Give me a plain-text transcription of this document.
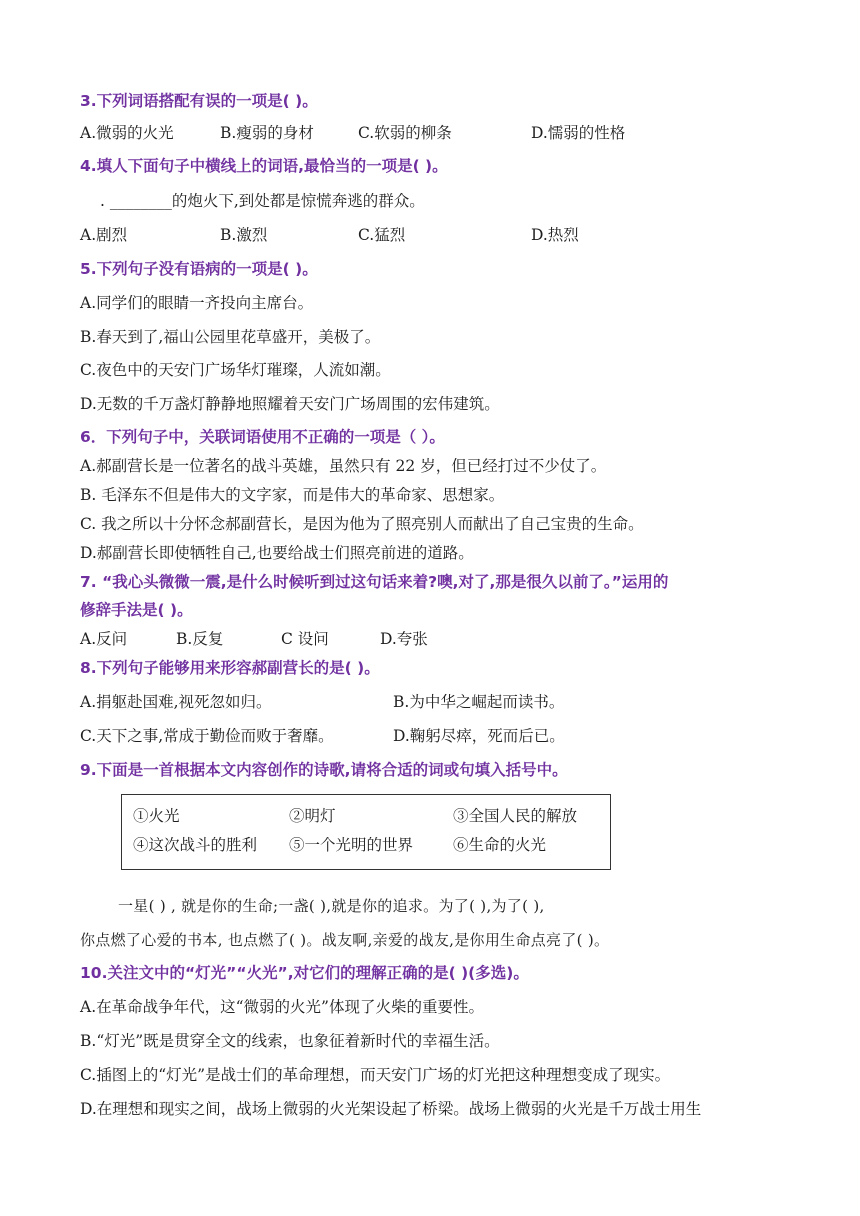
3.下列词语搭配有误的一项是( )。
A.微弱的火光	B.瘦弱的身材	C.软弱的柳条	D.懦弱的性格
4.填人下面句子中横线上的词语,最恰当的一项是( )。
. ________的炮火下,到处都是惊慌奔逃的群众。
A.剧烈	B.激烈	C.猛烈	D.热烈
5.下列句子没有语病的一项是( )。
A.同学们的眼睛一齐投向主席台。
B.春天到了,福山公园里花草盛开，美极了。
C.夜色中的天安门广场华灯璀璨，人流如潮。
D.无数的千万盏灯静静地照耀着天安门广场周围的宏伟建筑。
6．下列句子中，关联词语使用不正确的一项是（ ）。
A.郝副营长是一位著名的战斗英雄，虽然只有 22 岁，但已经打过不少仗了。
B. 毛泽东不但是伟大的文字家，而是伟大的革命家、思想家。
C. 我之所以十分怀念郝副营长，是因为他为了照亮别人而献出了自己宝贵的生命。
D.郝副营长即使牺牲自己,也要给战士们照亮前进的道路。
7. “我心头微微一震,是什么时候听到过这句话来着?噢,对了,那是很久以前了。”运用的
修辞手法是( )。
A.反问	B.反复	C 设问	D.夸张
8.下列句子能够用来形容郝副营长的是( )。
A.捐躯赴国难,视死忽如归。	B.为中华之崛起而读书。
C.天下之事,常成于勤俭而败于奢靡。	D.鞠躬尽瘁，死而后已。
9.下面是一首根据本文内容创作的诗歌,请将合适的词或句填入括号中。
①火光	②明灯	③全国人民的解放
④这次战斗的胜利 ⑤一个光明的世界	⑥生命的火光
一星( ) , 就是你的生命;一盏( ),就是你的追求。为了( ),为了( ),
你点燃了心爱的书本, 也点燃了( )。战友啊,亲爱的战友,是你用生命点亮了( )。
10.关注文中的“灯光”“火光”,对它们的理解正确的是( )(多选)。
A.在革命战争年代，这“微弱的火光”体现了火柴的重要性。
B.“灯光”既是贯穿全文的线索，也象征着新时代的幸福生活。
C.插图上的“灯光”是战士们的革命理想，而天安门广场的灯光把这种理想变成了现实。
D.在理想和现实之间，战场上微弱的火光架设起了桥梁。战场上微弱的火光是千万战士用生
